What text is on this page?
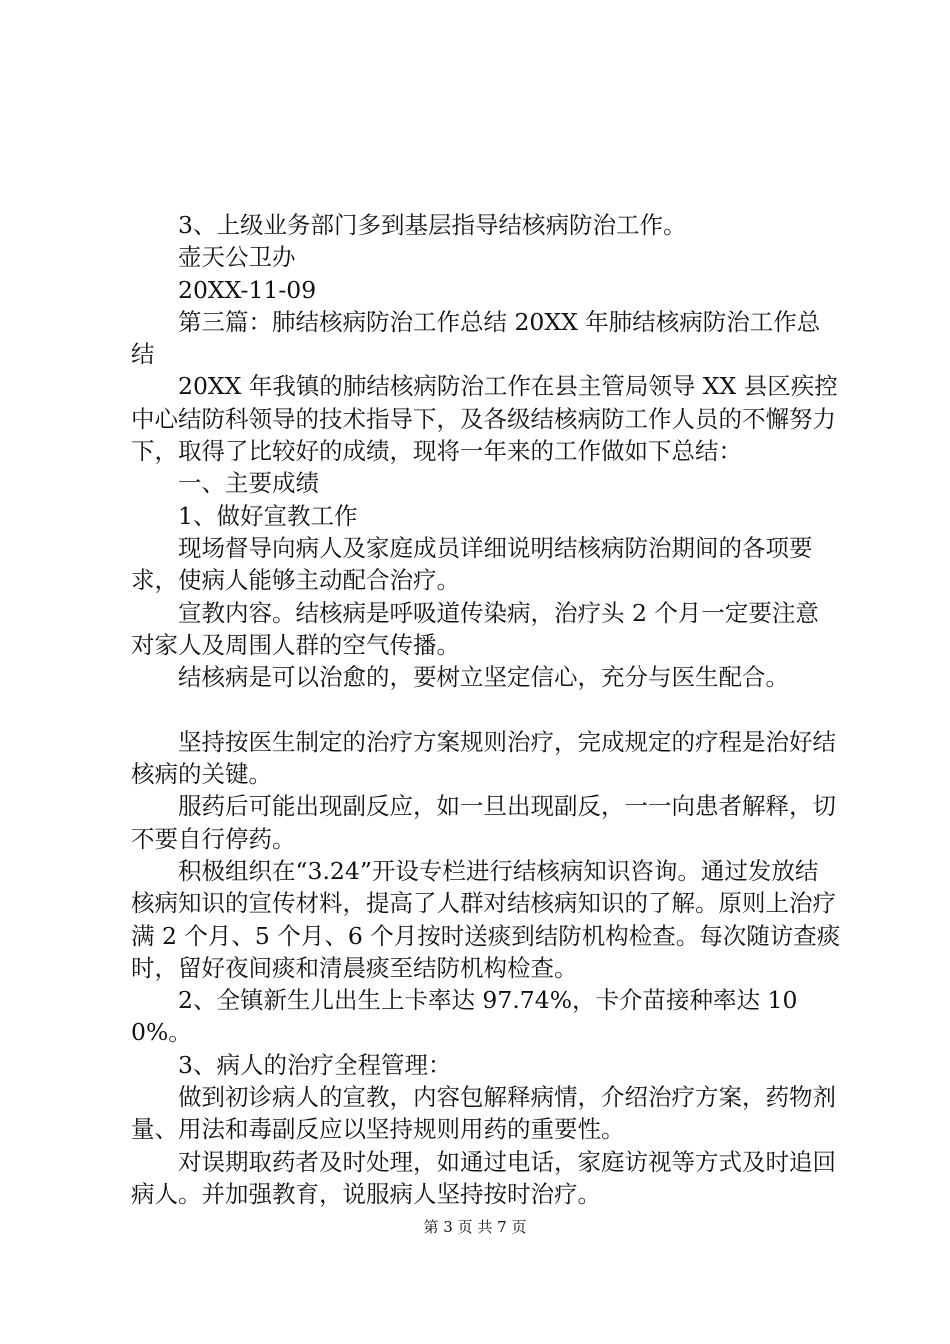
3、上级业务部门多到基层指导结核病防治工作。

壶天公卫办

20XX-11-09

第三篇：肺结核病防治工作总结 20XX 年肺结核病防治工作总结

20XX 年我镇的肺结核病防治工作在县主管局领导 XX 县区疾控中心结防科领导的技术指导下，及各级结核病防工作人员的不懈努力下，取得了比较好的成绩，现将一年来的工作做如下总结：

一、主要成绩

1、做好宣教工作

现场督导向病人及家庭成员详细说明结核病防治期间的各项要求，使病人能够主动配合治疗。

宣教内容。结核病是呼吸道传染病，治疗头 2 个月一定要注意对家人及周围人群的空气传播。

结核病是可以治愈的，要树立坚定信心，充分与医生配合。

坚持按医生制定的治疗方案规则治疗，完成规定的疗程是治好结核病的关键。

服药后可能出现副反应，如一旦出现副反，一一向患者解释，切不要自行停药。

积极组织在“3.24”开设专栏进行结核病知识咨询。通过发放结核病知识的宣传材料，提高了人群对结核病知识的了解。原则上治疗满 2 个月、5 个月、6 个月按时送痰到结防机构检查。每次随访查痰时，留好夜间痰和清晨痰至结防机构检查。

2、全镇新生儿出生上卡率达 97.74%，卡介苗接种率达 100%。

3、病人的治疗全程管理：

做到初诊病人的宣教，内容包解释病情，介绍治疗方案，药物剂量、用法和毒副反应以坚持规则用药的重要性。

对误期取药者及时处理，如通过电话，家庭访视等方式及时追回病人。并加强教育，说服病人坚持按时治疗。

第 3 页 共 7 页
